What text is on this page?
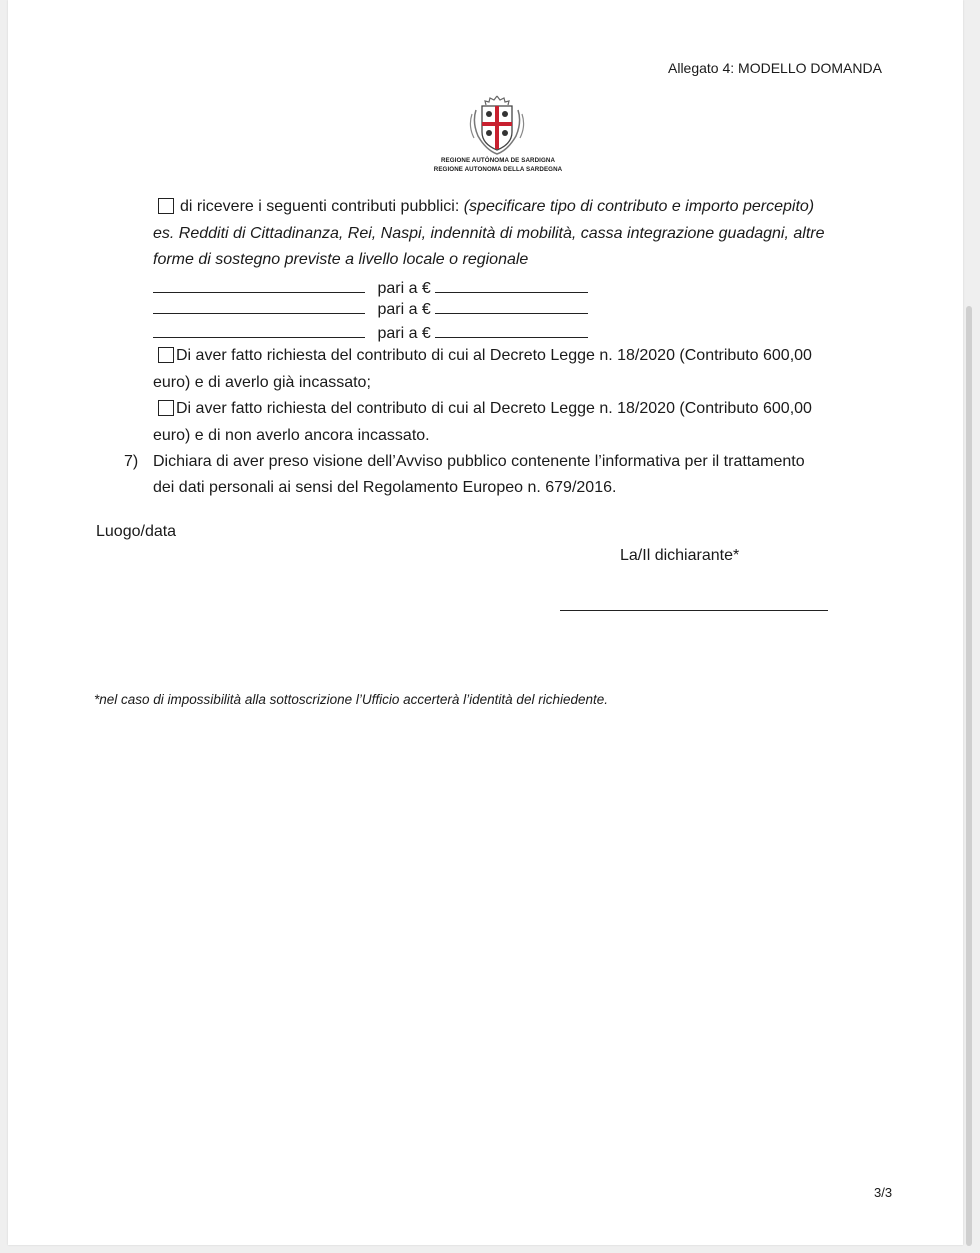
Allegato 4: MODELLO DOMANDA
REGIONE AUTÒNOMA DE SARDIGNA
REGIONE AUTONOMA DELLA SARDEGNA
di ricevere i seguenti contributi pubblici: (specificare tipo di contributo e importo percepito)
es. Redditi di Cittadinanza, Rei, Naspi, indennità di mobilità, cassa integrazione guadagni, altre
forme di sostegno previste a livello locale o regionale
pari a €
pari a €
pari a €
Di aver fatto richiesta del contributo di cui al Decreto Legge n. 18/2020 (Contributo 600,00
euro) e di averlo già incassato;
Di aver fatto richiesta del contributo di cui al Decreto Legge n. 18/2020 (Contributo 600,00
euro) e di non averlo ancora incassato.
7) Dichiara di aver preso visione dell’Avviso pubblico contenente l’informativa per il trattamento
dei dati personali ai sensi del Regolamento Europeo n. 679/2016.
Luogo/data
La/Il dichiarante*
*nel caso di impossibilità alla sottoscrizione l’Ufficio accerterà l’identità del richiedente.
3/3
